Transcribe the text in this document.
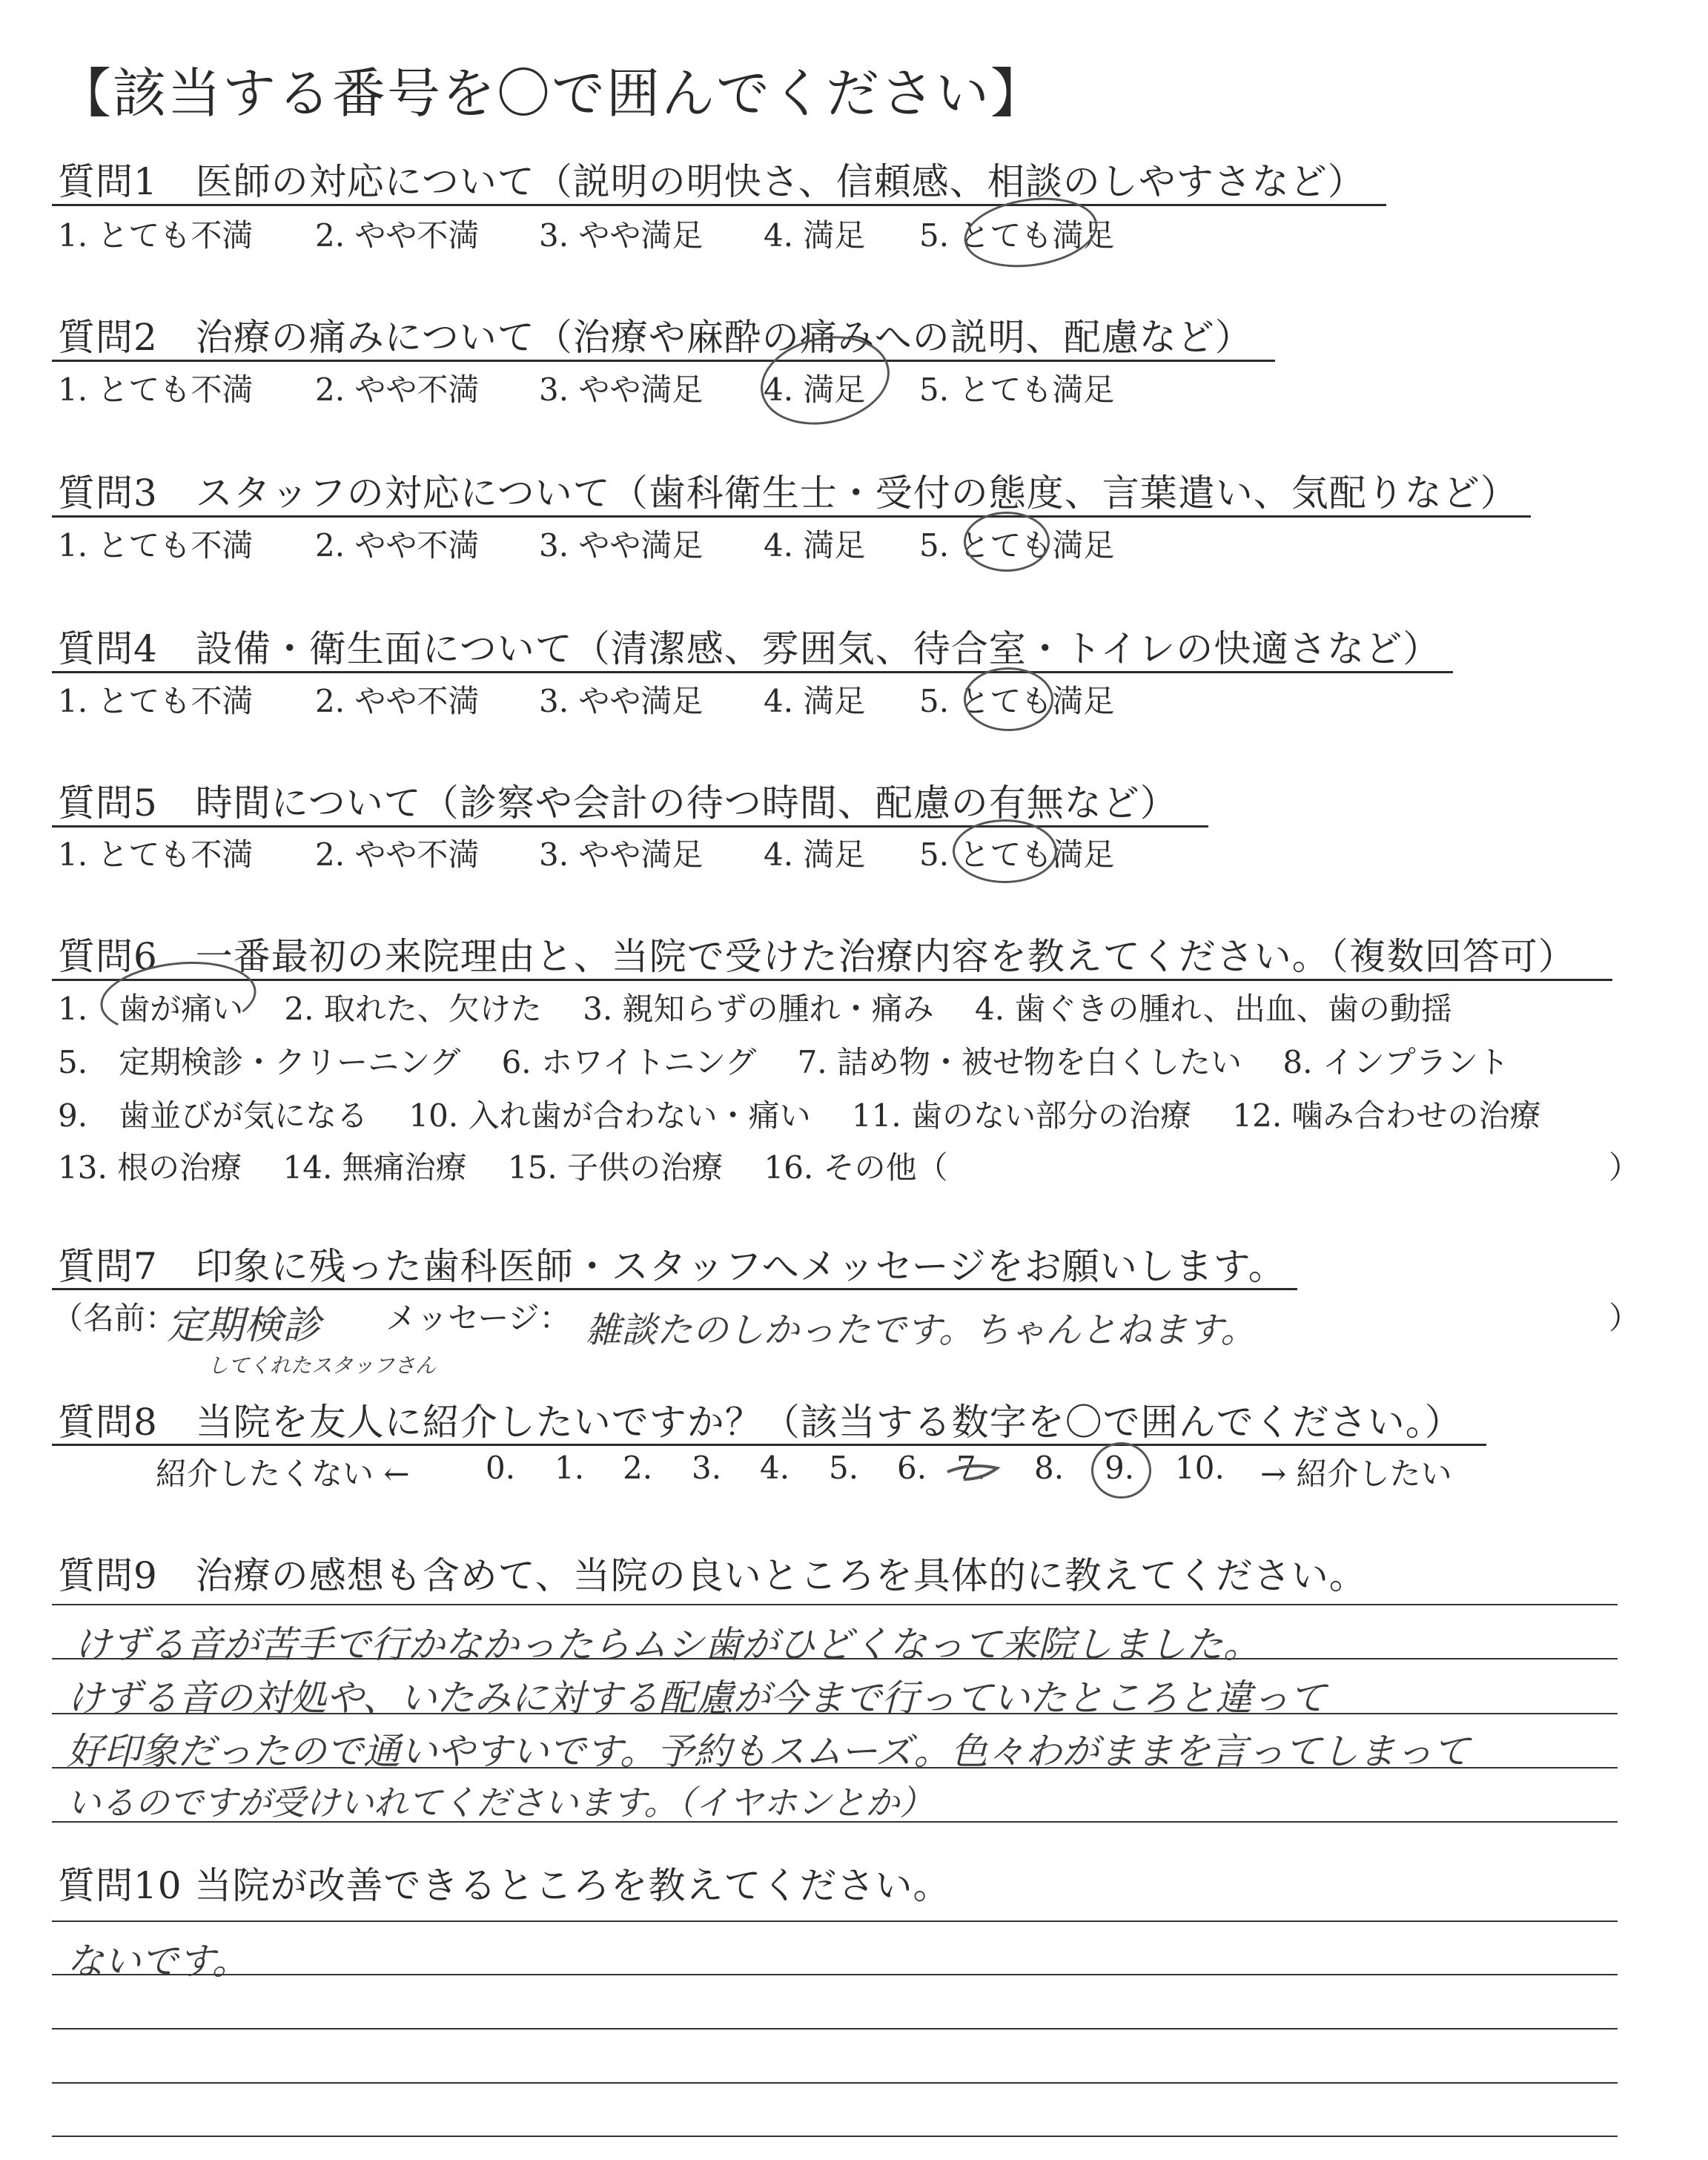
【該当する番号を〇で囲んでください】
質問1　医師の対応について（説明の明快さ、信頼感、相談のしやすさなど）
1. とても不満 2. やや不満 3. やや満足 4. 満足 5. とても満足
質問2　治療の痛みについて（治療や麻酔の痛みへの説明、配慮など）
1. とても不満 2. やや不満 3. やや満足 4. 満足 5. とても満足
質問3　スタッフの対応について（歯科衛生士・受付の態度、言葉遣い、気配りなど）
1. とても不満 2. やや不満 3. やや満足 4. 満足 5. とても満足
質問4　設備・衛生面について（清潔感、雰囲気、待合室・トイレの快適さなど）
1. とても不満 2. やや不満 3. やや満足 4. 満足 5. とても満足
質問5　時間について（診察や会計の待つ時間、配慮の有無など）
1. とても不満 2. やや不満 3. やや満足 4. 満足 5. とても満足
質問6　一番最初の来院理由と、当院で受けた治療内容を教えてください。（複数回答可）
1.　歯が痛い　 2. 取れた、欠けた　 3. 親知らずの腫れ・痛み　 4. 歯ぐきの腫れ、出血、歯の動揺
5.　定期検診・クリーニング　 6. ホワイトニング　 7. 詰め物・被せ物を白くしたい　 8. インプラント
9.　歯並びが気になる　 10. 入れ歯が合わない・痛い　 11. 歯のない部分の治療　 12. 噛み合わせの治療
13. 根の治療　 14. 無痛治療　 15. 子供の治療　 16. その他（	）
質問7　印象に残った歯科医師・スタッフへメッセージをお願いします。
（名前：
定期検診
してくれたスタッフさん
メッセージ： 雑談たのしかったです。ちゃんとねます。	）
質問8　当院を友人に紹介したいですか？（該当する数字を〇で囲んでください。）
紹介したくない ← 0. 1. 2. 3. 4. 5. 6. 7. 8. 9. 10. → 紹介したい
質問9　治療の感想も含めて、当院の良いところを具体的に教えてください。
けずる音が苦手で行かなかったらムシ歯がひどくなって来院しました。
けずる音の対処や、いたみに対する配慮が今まで行っていたところと違って
好印象だったので通いやすいです。予約もスムーズ。色々わがままを言ってしまって
いるのですが受けいれてくださいます。（イヤホンとか）
質問10 当院が改善できるところを教えてください。
ないです。
